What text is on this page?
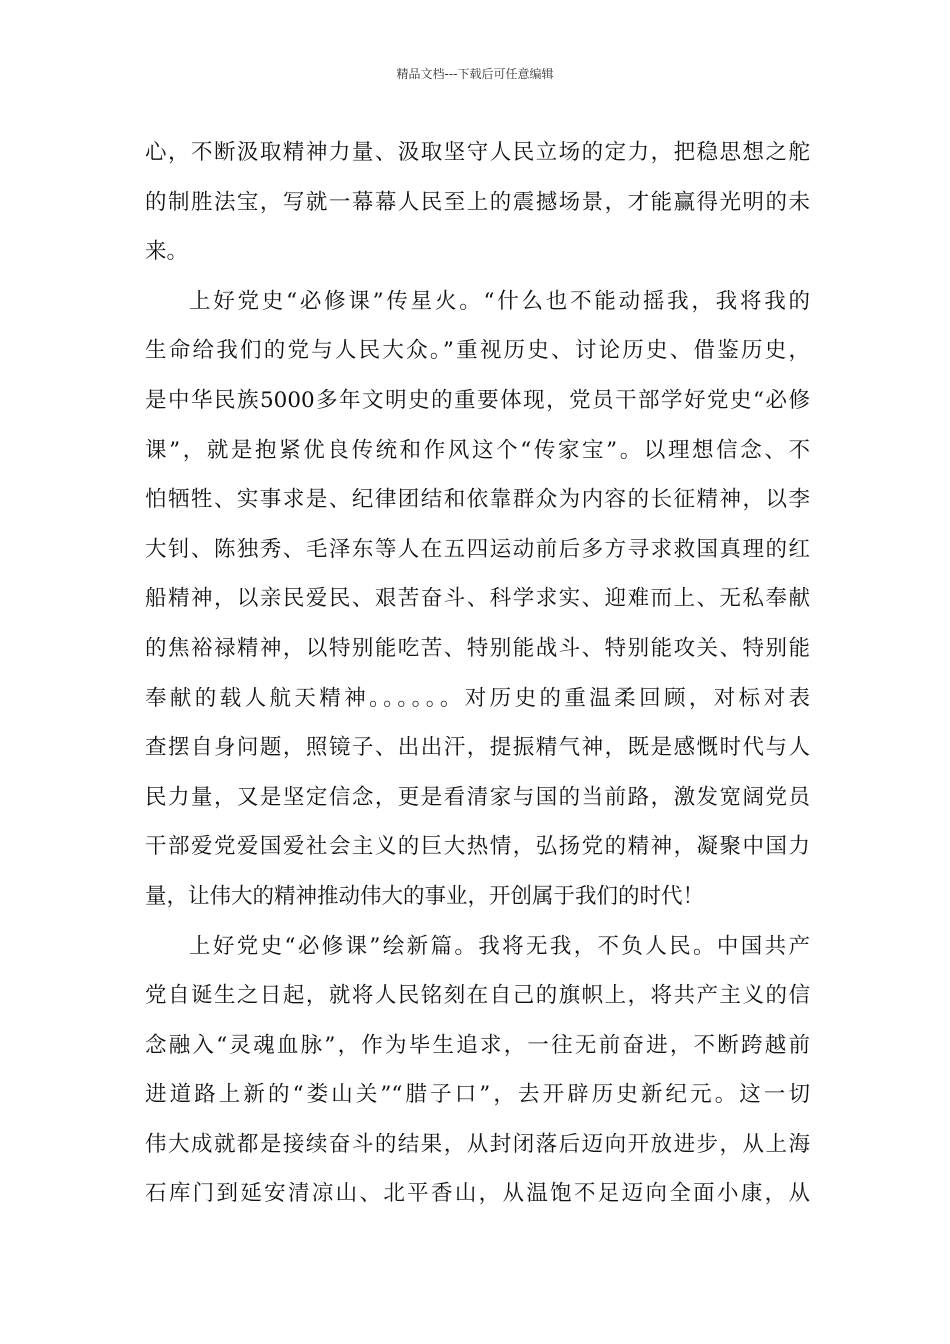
精品文档---下载后可任意编辑
心，不断汲取精神力量、汲取坚守人民立场的定力，把稳思想之舵
的制胜法宝，写就一幕幕人民至上的震撼场景，才能赢得光明的未
来。
上好党史“必修课”传星火。“什么也不能动摇我，我将我的
生命给我们的党与人民大众。”重视历史、讨论历史、借鉴历史，
是中华民族5000多年文明史的重要体现，党员干部学好党史“必修
课”，就是抱紧优良传统和作风这个“传家宝”。以理想信念、不
怕牺牲、实事求是、纪律团结和依靠群众为内容的长征精神，以李
大钊、陈独秀、毛泽东等人在五四运动前后多方寻求救国真理的红
船精神，以亲民爱民、艰苦奋斗、科学求实、迎难而上、无私奉献
的焦裕禄精神，以特别能吃苦、特别能战斗、特别能攻关、特别能
奉献的载人航天精神。。。。。。对历史的重温柔回顾，对标对表
查摆自身问题，照镜子、出出汗，提振精气神，既是感慨时代与人
民力量，又是坚定信念，更是看清家与国的当前路，激发宽阔党员
干部爱党爱国爱社会主义的巨大热情，弘扬党的精神，凝聚中国力
量，让伟大的精神推动伟大的事业，开创属于我们的时代！
上好党史“必修课”绘新篇。我将无我，不负人民。中国共产
党自诞生之日起，就将人民铭刻在自己的旗帜上，将共产主义的信
念融入“灵魂血脉”，作为毕生追求，一往无前奋进，不断跨越前
进道路上新的“娄山关”“腊子口”，去开辟历史新纪元。这一切
伟大成就都是接续奋斗的结果，从封闭落后迈向开放进步，从上海
石库门到延安清凉山、北平香山，从温饱不足迈向全面小康，从
